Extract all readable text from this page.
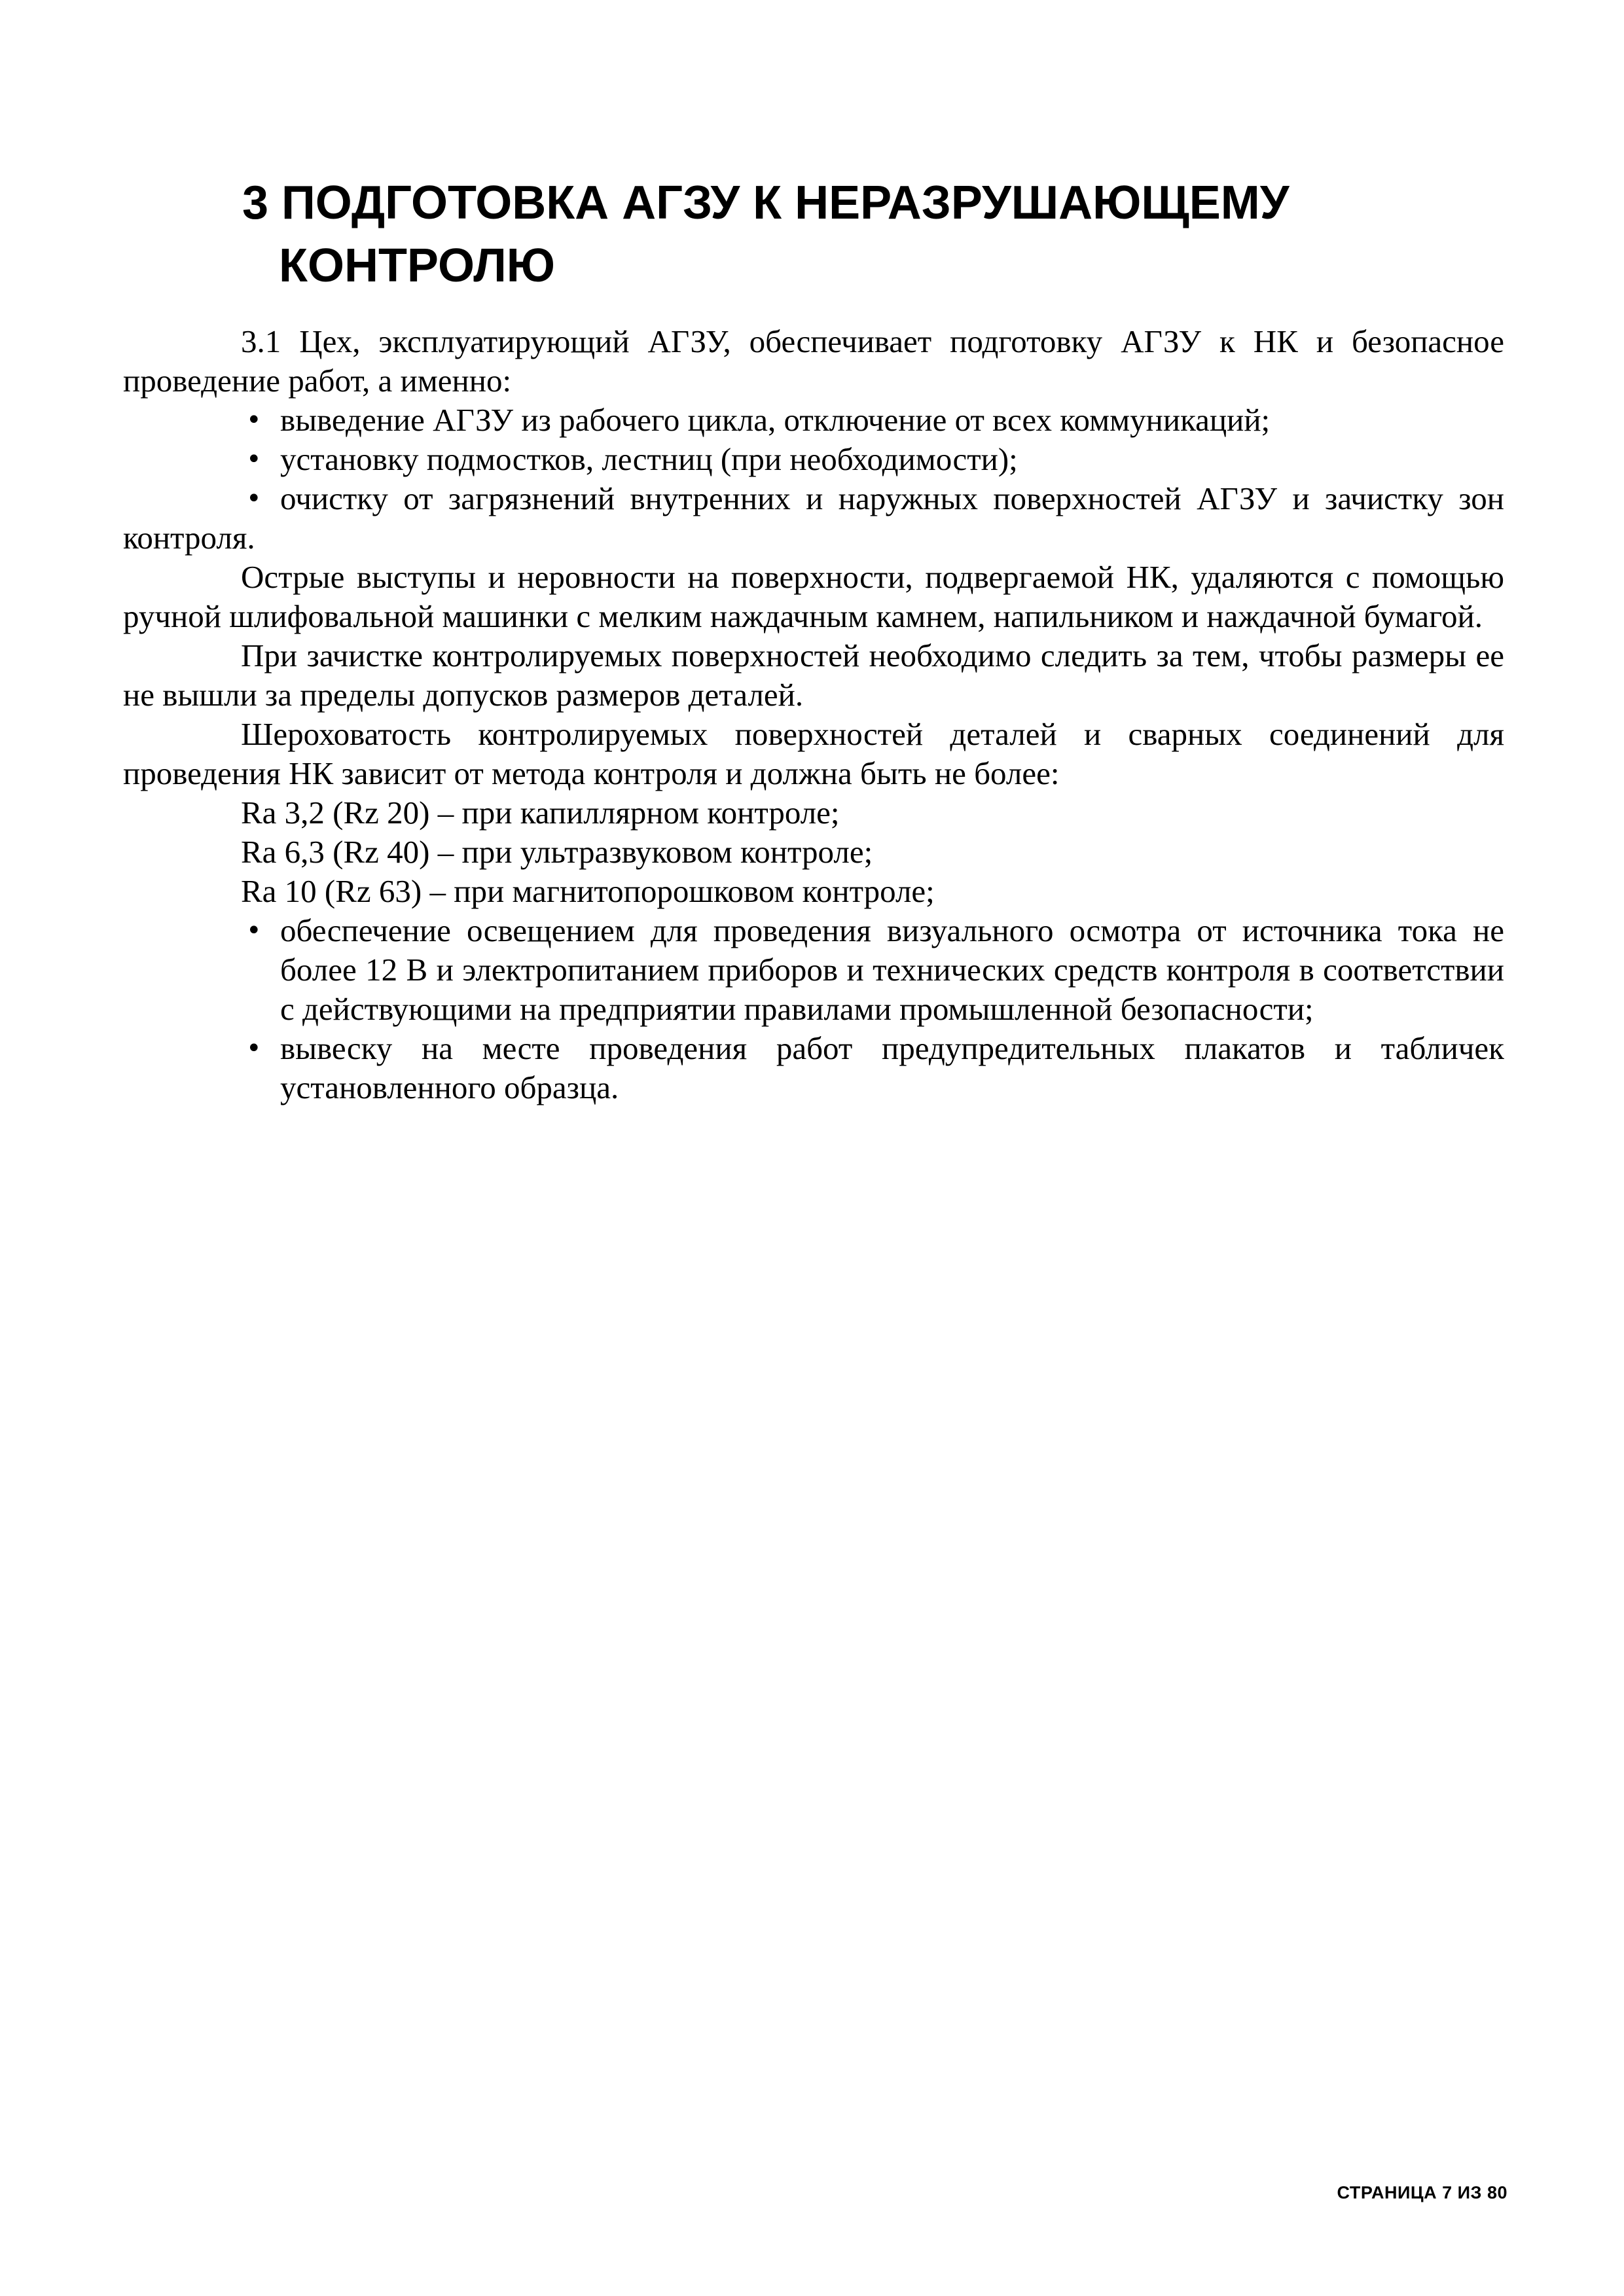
3 ПОДГОТОВКА АГЗУ К НЕРАЗРУШАЮЩЕМУ
КОНТРОЛЮ

3.1 Цех, эксплуатирующий АГЗУ, обеспечивает подготовку АГЗУ к НК и безопасное проведение работ, а именно:

• выведение АГЗУ из рабочего цикла, отключение от всех коммуникаций;

• установку подмостков, лестниц (при необходимости);

• очистку от загрязнений внутренних и наружных поверхностей АГЗУ и зачистку зон контроля.

Острые выступы и неровности на поверхности, подвергаемой НК, удаляются с помощью ручной шлифовальной машинки с мелким наждачным камнем, напильником и наждачной бумагой.

При зачистке контролируемых поверхностей необходимо следить за тем, чтобы размеры ее не вышли за пределы допусков размеров деталей.

Шероховатость контролируемых поверхностей деталей и сварных соединений для проведения НК зависит от метода контроля и должна быть не более:

Ra 3,2 (Rz 20) – при капиллярном контроле;

Ra 6,3 (Rz 40) – при ультразвуковом контроле;

Ra 10 (Rz 63) – при магнитопорошковом контроле;

• обеспечение освещением для проведения визуального осмотра от источника тока не более 12 В и электропитанием приборов и технических средств контроля в соответствии с действующими на предприятии правилами промышленной безопасности;

• вывеску на месте проведения работ предупредительных плакатов и табличек установленного образца.

СТРАНИЦА 7 ИЗ 80
